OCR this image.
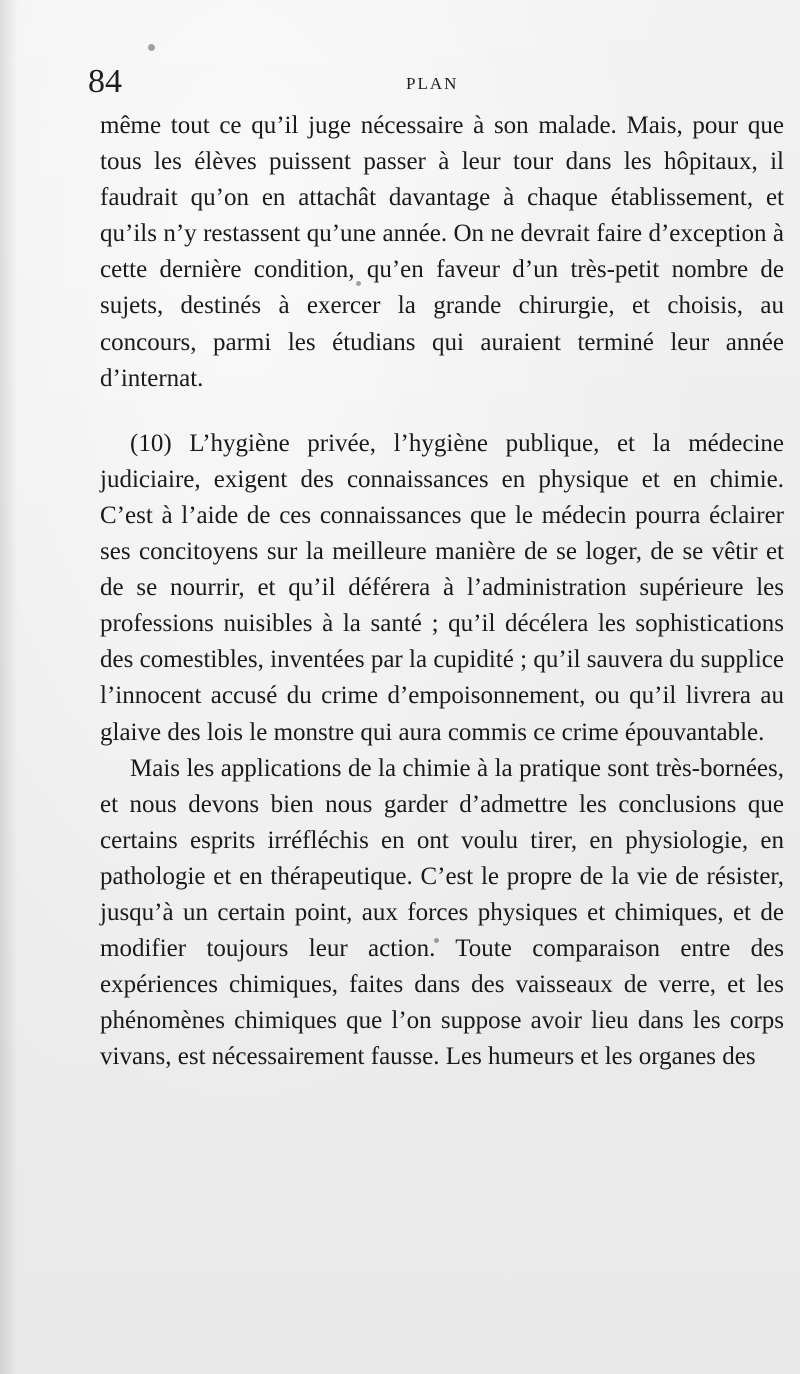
84	PLAN

même tout ce qu’il juge nécessaire à son malade. Mais, pour que tous les élèves puissent passer à leur tour dans les hôpitaux, il faudrait qu’on en attachât davantage à chaque établissement, et qu’ils n’y restassent qu’une année. On ne devrait faire d’exception à cette dernière condition, qu’en faveur d’un très-petit nombre de sujets, destinés à exercer la grande chirurgie, et choisis, au concours, parmi les étudians qui auraient terminé leur année d’internat.

(10) L’hygiène privée, l’hygiène publique, et la médecine judiciaire, exigent des connaissances en physique et en chimie. C’est à l’aide de ces connaissances que le médecin pourra éclairer ses concitoyens sur la meilleure manière de se loger, de se vêtir et de se nourrir, et qu’il déférera à l’administration supérieure les professions nuisibles à la santé ; qu’il décélera les sophistications des comestibles, inventées par la cupidité ; qu’il sauvera du supplice l’innocent accusé du crime d’empoisonnement, ou qu’il livrera au glaive des lois le monstre qui aura commis ce crime épouvantable.

Mais les applications de la chimie à la pratique sont très-bornées, et nous devons bien nous garder d’admettre les conclusions que certains esprits irréfléchis en ont voulu tirer, en physiologie, en pathologie et en thérapeutique. C’est le propre de la vie de résister, jusqu’à un certain point, aux forces physiques et chimiques, et de modifier toujours leur action. Toute comparaison entre des expériences chimiques, faites dans des vaisseaux de verre, et les phénomènes chimiques que l’on suppose avoir lieu dans les corps vivans, est nécessairement fausse. Les humeurs et les organes des
